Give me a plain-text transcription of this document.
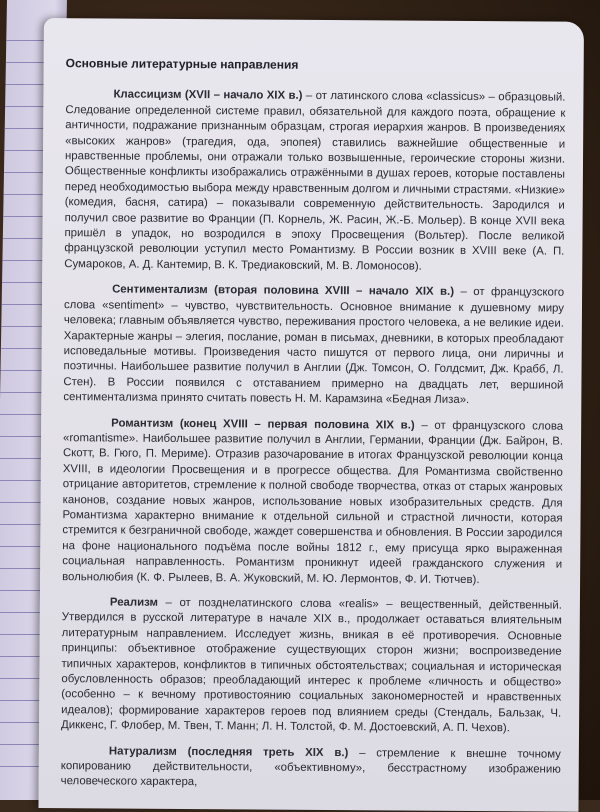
Основные литературные направления

Классицизм (XVII – начало XIX в.) – от латинского слова «classicus» – образцовый. Следование определенной системе правил, обязательной для каждого поэта, обращение к античности, подражание признанным образцам, строгая иерархия жанров. В произведениях «высоких жанров» (трагедия, ода, эпопея) ставились важнейшие общественные и нравственные проблемы, они отражали только возвышенные, героические стороны жизни. Общественные конфликты изображались отражёнными в душах героев, которые поставлены перед необходимостью выбора между нравственным долгом и личными страстями. «Низкие» (комедия, басня, сатира) – показывали современную действительность. Зародился и получил свое развитие во Франции (П. Корнель, Ж. Расин, Ж.-Б. Мольер). В конце XVII века пришёл в упадок, но возродился в эпоху Просвещения (Вольтер). После великой французской революции уступил место Романтизму. В России возник в XVIII веке (А. П. Сумароков, А. Д. Кантемир, В. К. Тредиаковский, М. В. Ломоносов).

Сентиментализм (вторая половина XVIII – начало XIX в.) – от французского слова «sentiment» – чувство, чувствительность. Основное внимание к душевному миру человека; главным объявляется чувство, переживания простого человека, а не великие идеи. Характерные жанры – элегия, послание, роман в письмах, дневники, в которых преобладают исповедальные мотивы. Произведения часто пишутся от первого лица, они лиричны и поэтичны. Наибольшее развитие получил в Англии (Дж. Томсон, О. Голдсмит, Дж. Крабб, Л. Стен). В России появился с отставанием примерно на двадцать лет, вершиной сентиментализма принято считать повесть Н. М. Карамзина «Бедная Лиза».

Романтизм (конец XVIII – первая половина XIX в.) – от французского слова «romantisme». Наибольшее развитие получил в Англии, Германии, Франции (Дж. Байрон, В. Скотт, В. Гюго, П. Мериме). Отразив разочарование в итогах Французской революции конца XVIII, в идеологии Просвещения и в прогрессе общества. Для Романтизма свойственно отрицание авторитетов, стремление к полной свободе творчества, отказ от старых жанровых канонов, создание новых жанров, использование новых изобразительных средств. Для Романтизма характерно внимание к отдельной сильной и страстной личности, которая стремится к безграничной свободе, жаждет совершенства и обновления. В России зародился на фоне национального подъёма после войны 1812 г., ему присуща ярко выраженная социальная направленность. Романтизм проникнут идеей гражданского служения и вольнолюбия (К. Ф. Рылеев, В. А. Жуковский, М. Ю. Лермонтов, Ф. И. Тютчев).

Реализм – от позднелатинского слова «realis» – вещественный, действенный. Утвердился в русской литературе в начале XIX в., продолжает оставаться влиятельным литературным направлением. Исследует жизнь, вникая в её противоречия. Основные принципы: объективное отображение существующих сторон жизни; воспроизведение типичных характеров, конфликтов в типичных обстоятельствах; социальная и историческая обусловленность образов; преобладающий интерес к проблеме «личность и общество» (особенно – к вечному противостоянию социальных закономерностей и нравственных идеалов); формирование характеров героев под влиянием среды (Стендаль, Бальзак, Ч. Диккенс, Г. Флобер, М. Твен, Т. Манн; Л. Н. Толстой, Ф. М. Достоевский, А. П. Чехов).

Натурализм (последняя треть XIX в.) – стремление к внешне точному копированию действительности, «объективному», бесстрастному изображению человеческого характера,
